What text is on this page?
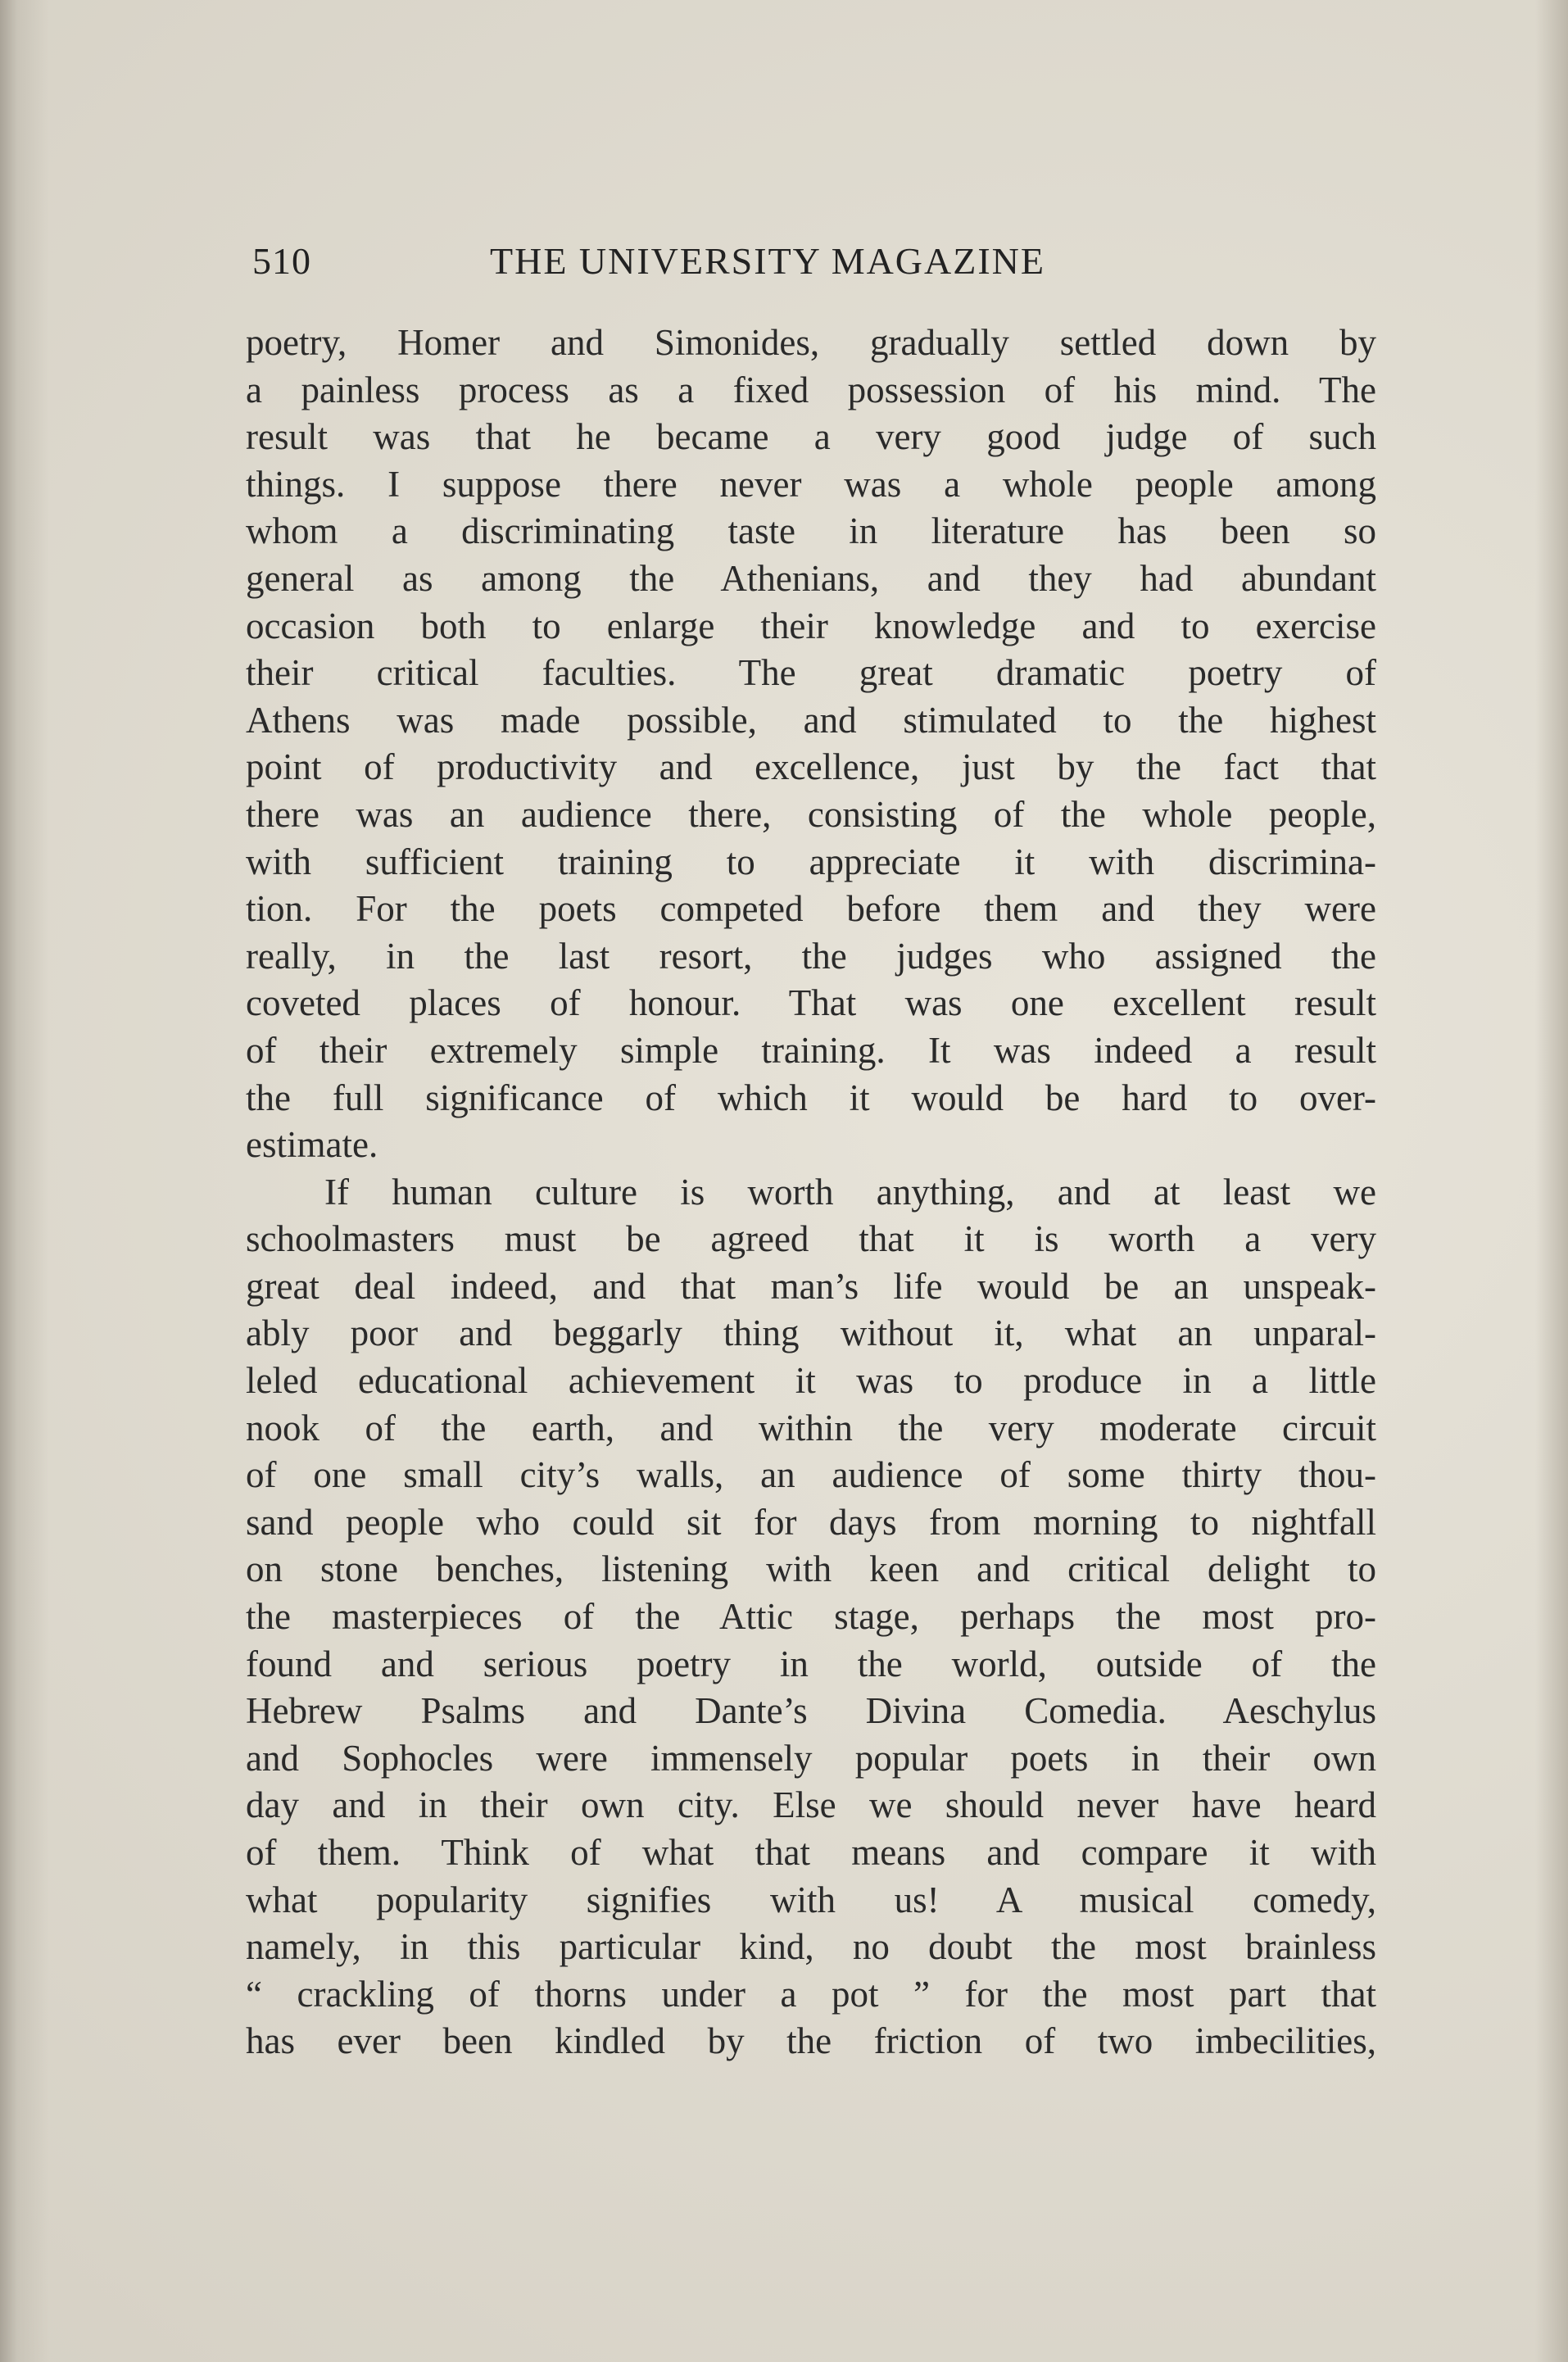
510	THE UNIVERSITY MAGAZINE
poetry, Homer and Simonides, gradually settled down by
a painless process as a fixed possession of his mind. The
result was that he became a very good judge of such
things. I suppose there never was a whole people among
whom a discriminating taste in literature has been so
general as among the Athenians, and they had abundant
occasion both to enlarge their knowledge and to exercise
their critical faculties. The great dramatic poetry of
Athens was made possible, and stimulated to the highest
point of productivity and excellence, just by the fact that
there was an audience there, consisting of the whole people,
with sufficient training to appreciate it with discrimina-
tion. For the poets competed before them and they were
really, in the last resort, the judges who assigned the
coveted places of honour. That was one excellent result
of their extremely simple training. It was indeed a result
the full significance of which it would be hard to over-
estimate.
If human culture is worth anything, and at least we
schoolmasters must be agreed that it is worth a very
great deal indeed, and that man’s life would be an unspeak-
ably poor and beggarly thing without it, what an unparal-
leled educational achievement it was to produce in a little
nook of the earth, and within the very moderate circuit
of one small city’s walls, an audience of some thirty thou-
sand people who could sit for days from morning to nightfall
on stone benches, listening with keen and critical delight to
the masterpieces of the Attic stage, perhaps the most pro-
found and serious poetry in the world, outside of the
Hebrew Psalms and Dante’s Divina Comedia. Aeschylus
and Sophocles were immensely popular poets in their own
day and in their own city. Else we should never have heard
of them. Think of what that means and compare it with
what popularity signifies with us! A musical comedy,
namely, in this particular kind, no doubt the most brainless
“ crackling of thorns under a pot ” for the most part that
has ever been kindled by the friction of two imbecilities,
